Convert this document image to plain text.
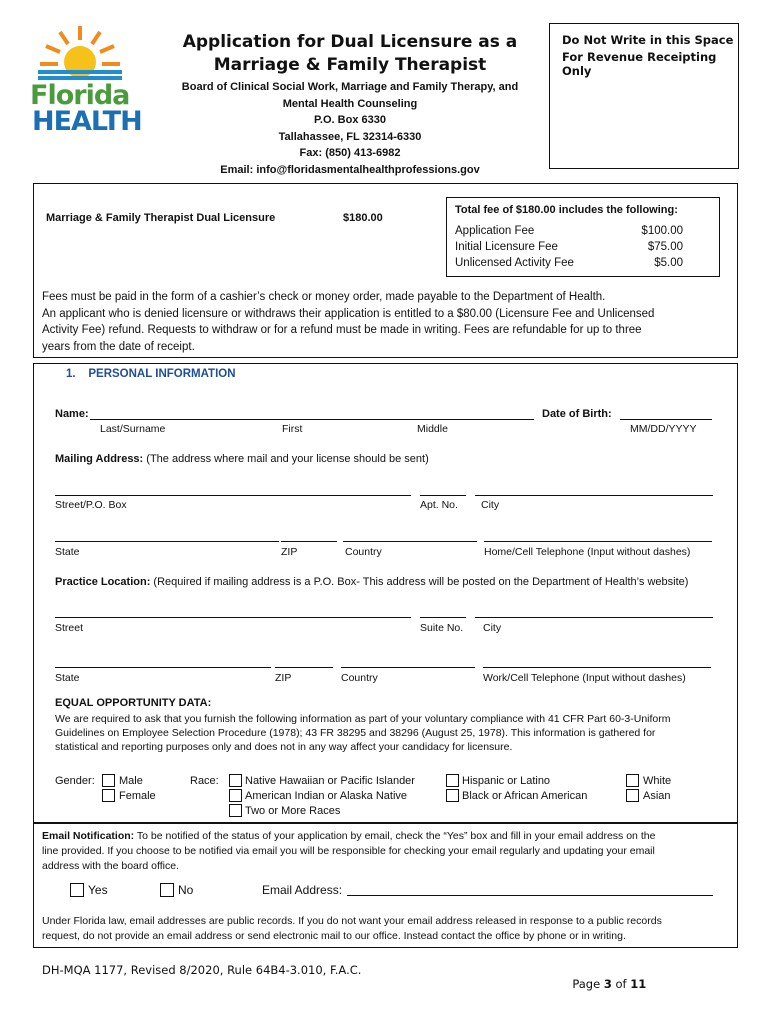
Florida
HEALTH
Application for Dual Licensure as a
Marriage & Family Therapist
Board of Clinical Social Work, Marriage and Family Therapy, and
Mental Health Counseling
P.O. Box 6330
Tallahassee, FL 32314-6330
Fax: (850) 413-6982
Email: info@floridasmentalhealthprofessions.gov
Do Not Write in this Space
For Revenue Receipting Only
Marriage & Family Therapist Dual Licensure	$180.00
Total fee of $180.00 includes the following:
Application Fee	$100.00
Initial Licensure Fee	$75.00
Unlicensed Activity Fee	$5.00
Fees must be paid in the form of a cashier’s check or money order, made payable to the Department of Health.
An applicant who is denied licensure or withdraws their application is entitled to a $80.00 (Licensure Fee and Unlicensed
Activity Fee) refund. Requests to withdraw or for a refund must be made in writing. Fees are refundable for up to three
years from the date of receipt.
1.    PERSONAL INFORMATION
Name:	Date of Birth:
Last/Surname	First	Middle	MM/DD/YYYY
Mailing Address: (The address where mail and your license should be sent)
Street/P.O. Box	Apt. No. City
State	ZIP	Country	Home/Cell Telephone (Input without dashes)
Practice Location: (Required if mailing address is a P.O. Box- This address will be posted on the Department of Health’s website)
Street	Suite No. City
State	ZIP	Country	Work/Cell Telephone (Input without dashes)
EQUAL OPPORTUNITY DATA:
We are required to ask that you furnish the following information as part of your voluntary compliance with 41 CFR Part 60-3-Uniform
Guidelines on Employee Selection Procedure (1978); 43 FR 38295 and 38296 (August 25, 1978). This information is gathered for
statistical and reporting purposes only and does not in any way affect your candidacy for licensure.
Gender: Male
Female
Race: Native Hawaiian or Pacific Islander
American Indian or Alaska Native
Two or More Races
Hispanic or Latino
Black or African American
White
Asian
Email Notification: To be notified of the status of your application by email, check the “Yes” box and fill in your email address on the
line provided. If you choose to be notified via email you will be responsible for checking your email regularly and updating your email
address with the board office.
Yes	No	Email Address:
Under Florida law, email addresses are public records. If you do not want your email address released in response to a public records
request, do not provide an email address or send electronic mail to our office. Instead contact the office by phone or in writing.
DH-MQA 1177, Revised 8/2020, Rule 64B4-3.010, F.A.C.

Page 3 of 11
